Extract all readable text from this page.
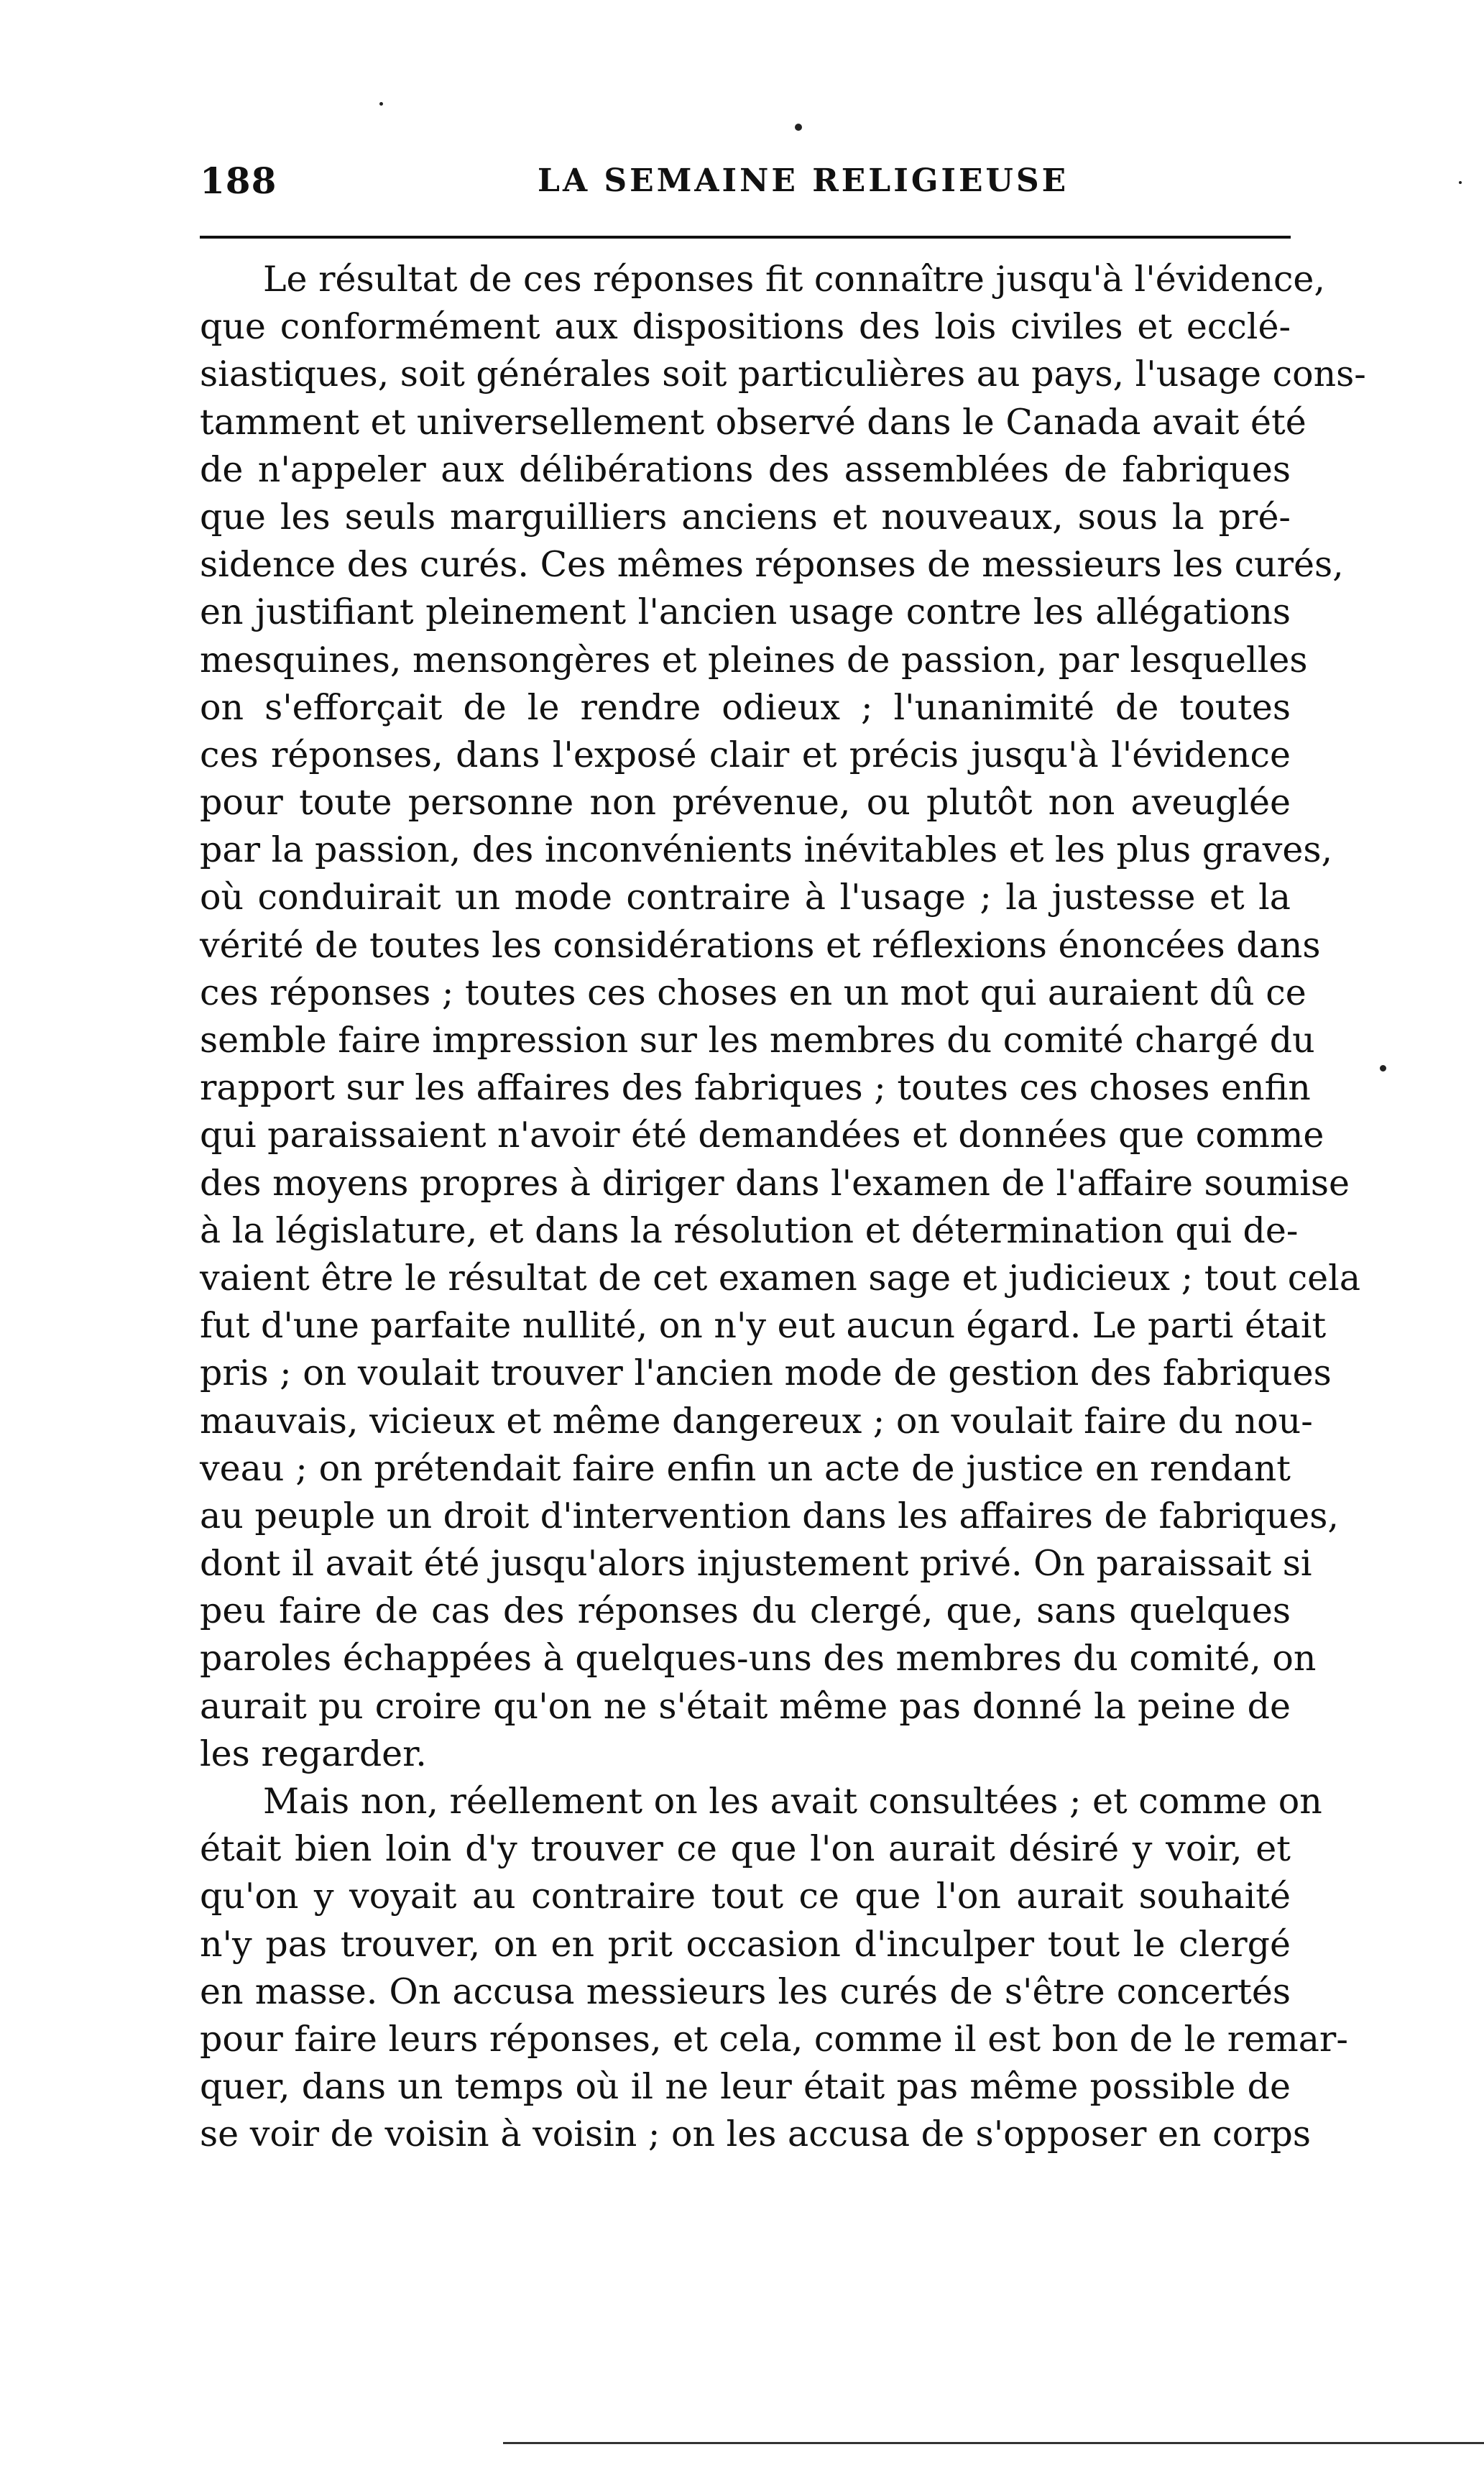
188	LA SEMAINE RELIGIEUSE
Le résultat de ces réponses fit connaître jusqu'à l'évidence,
que conformément aux dispositions des lois civiles et ecclé-
siastiques, soit générales soit particulières au pays, l'usage cons-
tamment et universellement observé dans le Canada avait été
de n'appeler aux délibérations des assemblées de fabriques
que les seuls marguilliers anciens et nouveaux, sous la pré-
sidence des curés. Ces mêmes réponses de messieurs les curés,
en justifiant pleinement l'ancien usage contre les allégations
mesquines, mensongères et pleines de passion, par lesquelles
on s'efforçait de le rendre odieux ; l'unanimité de toutes
ces réponses, dans l'exposé clair et précis jusqu'à l'évidence
pour toute personne non prévenue, ou plutôt non aveuglée
par la passion, des inconvénients inévitables et les plus graves,
où conduirait un mode contraire à l'usage ; la justesse et la
vérité de toutes les considérations et réflexions énoncées dans
ces réponses ; toutes ces choses en un mot qui auraient dû ce
semble faire impression sur les membres du comité chargé du
rapport sur les affaires des fabriques ; toutes ces choses enfin
qui paraissaient n'avoir été demandées et données que comme
des moyens propres à diriger dans l'examen de l'affaire soumise
à la législature, et dans la résolution et détermination qui de-
vaient être le résultat de cet examen sage et judicieux ; tout cela
fut d'une parfaite nullité, on n'y eut aucun égard. Le parti était
pris ; on voulait trouver l'ancien mode de gestion des fabriques
mauvais, vicieux et même dangereux ; on voulait faire du nou-
veau ; on prétendait faire enfin un acte de justice en rendant
au peuple un droit d'intervention dans les affaires de fabriques,
dont il avait été jusqu'alors injustement privé. On paraissait si
peu faire de cas des réponses du clergé, que, sans quelques
paroles échappées à quelques-uns des membres du comité, on
aurait pu croire qu'on ne s'était même pas donné la peine de
les regarder.
Mais non, réellement on les avait consultées ; et comme on
était bien loin d'y trouver ce que l'on aurait désiré y voir, et
qu'on y voyait au contraire tout ce que l'on aurait souhaité
n'y pas trouver, on en prit occasion d'inculper tout le clergé
en masse. On accusa messieurs les curés de s'être concertés
pour faire leurs réponses, et cela, comme il est bon de le remar-
quer, dans un temps où il ne leur était pas même possible de
se voir de voisin à voisin ; on les accusa de s'opposer en corps
